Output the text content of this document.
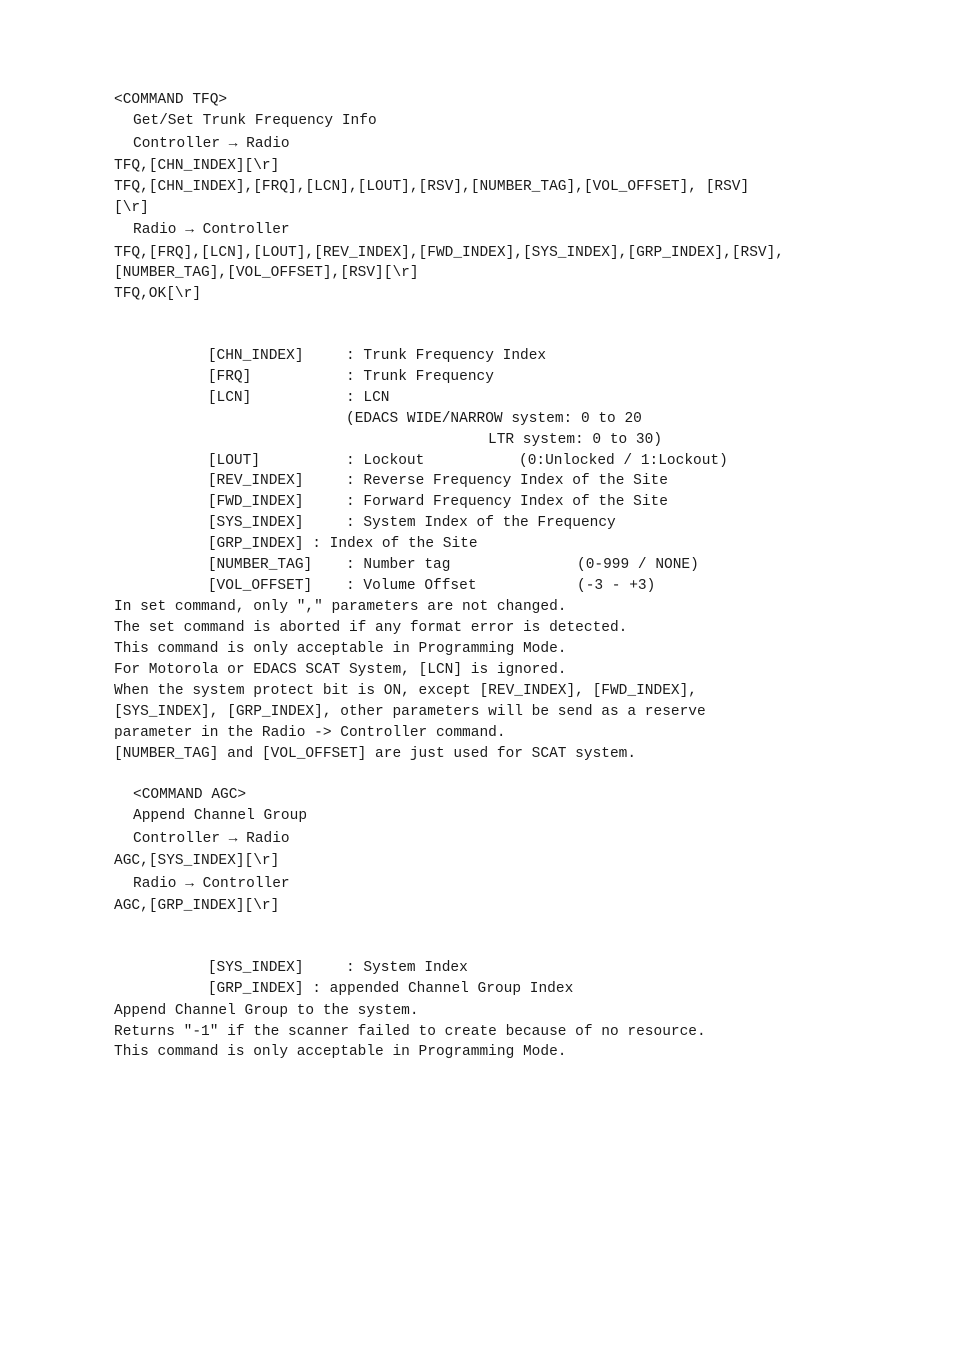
<COMMAND TFQ>
Get/Set Trunk Frequency Info
Controller → Radio
TFQ,[CHN_INDEX][\r]
TFQ,[CHN_INDEX],[FRQ],[LCN],[LOUT],[RSV],[NUMBER_TAG],[VOL_OFFSET], [RSV]
[\r]
Radio → Controller
TFQ,[FRQ],[LCN],[LOUT],[REV_INDEX],[FWD_INDEX],[SYS_INDEX],[GRP_INDEX],[RSV],
[NUMBER_TAG],[VOL_OFFSET],[RSV][\r]
TFQ,OK[\r]

[CHN_INDEX]	: Trunk Frequency Index

[FRQ]	: Trunk Frequency

[LCN]	: LCN

(EDACS WIDE/NARROW system: 0 to 20

LTR system: 0 to 30)

[LOUT]	: Lockout	(0:Unlocked / 1:Lockout)

[REV_INDEX]	: Reverse Frequency Index of the Site

[FWD_INDEX]	: Forward Frequency Index of the Site

[SYS_INDEX]	: System Index of the Frequency

[GRP_INDEX] : Index of the Site

[NUMBER_TAG] : Number tag	(0-999 / NONE)

[VOL_OFFSET] : Volume Offset	(-3 - +3)

In set command, only "," parameters are not changed.
The set command is aborted if any format error is detected.
This command is only acceptable in Programming Mode.
For Motorola or EDACS SCAT System, [LCN] is ignored.
When the system protect bit is ON, except [REV_INDEX], [FWD_INDEX],
[SYS_INDEX], [GRP_INDEX], other parameters will be send as a reserve
parameter in the Radio -> Controller command.
[NUMBER_TAG] and [VOL_OFFSET] are just used for SCAT system.
<COMMAND AGC>
Append Channel Group
Controller → Radio
AGC,[SYS_INDEX][\r]
Radio → Controller
AGC,[GRP_INDEX][\r]

[SYS_INDEX]	: System Index

[GRP_INDEX] : appended Channel Group Index

Append Channel Group to the system.
Returns "-1" if the scanner failed to create because of no resource.
This command is only acceptable in Programming Mode.
